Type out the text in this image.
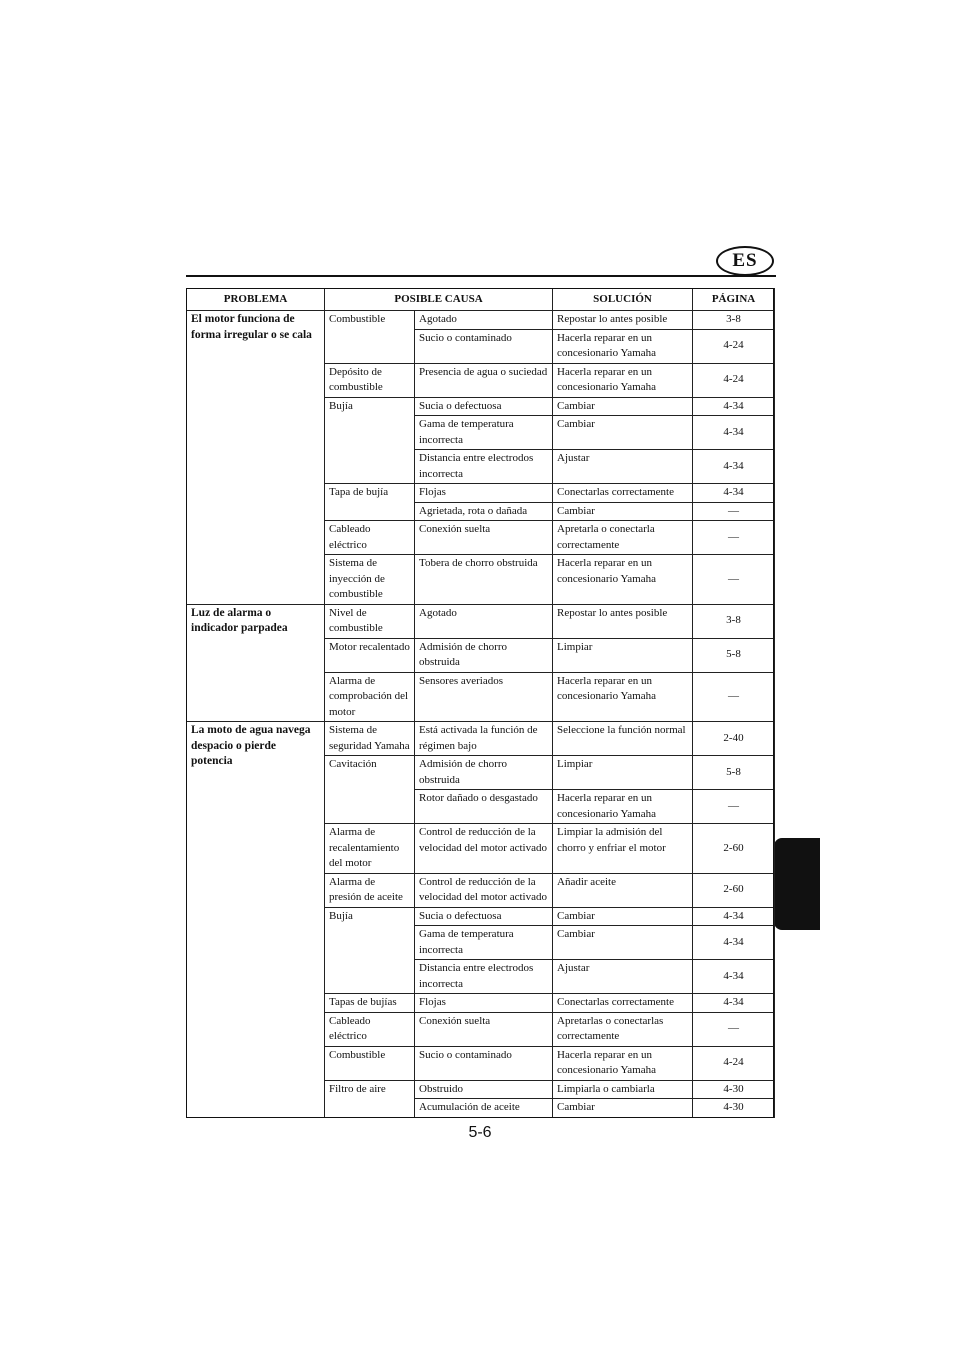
ES
PROBLEMA	POSIBLE CAUSA		SOLUCIÓN	PÁGINA
El motor funciona de forma irregular o se cala	Combustible	Agotado	Repostar lo antes posible	3-8
		Sucio o contaminado	Hacerla reparar en un concesionario Yamaha	4-24
	Depósito de combustible	Presencia de agua o suciedad	Hacerla reparar en un concesionario Yamaha	4-24
	Bujía	Sucia o defectuosa	Cambiar	4-34
		Gama de temperatura incorrecta	Cambiar	4-34
		Distancia entre electrodos incorrecta	Ajustar	4-34
	Tapa de bujía	Flojas	Conectarlas correctamente	4-34
		Agrietada, rota o dañada	Cambiar	—
	Cableado eléctrico	Conexión suelta	Apretarla o conectarla correctamente	—
	Sistema de inyección de combustible	Tobera de chorro obstruida	Hacerla reparar en un concesionario Yamaha	—
Luz de alarma o indicador parpadea	Nivel de combustible	Agotado	Repostar lo antes posible	3-8
	Motor recalentado	Admisión de chorro obstruida	Limpiar	5-8
	Alarma de comprobación del motor	Sensores averiados	Hacerla reparar en un concesionario Yamaha	—
La moto de agua navega despacio o pierde potencia	Sistema de seguridad Yamaha	Está activada la función de régimen bajo	Seleccione la función normal	2-40
	Cavitación	Admisión de chorro obstruida	Limpiar	5-8
		Rotor dañado o desgastado	Hacerla reparar en un concesionario Yamaha	—
	Alarma de recalentamiento del motor	Control de reducción de la velocidad del motor activado	Limpiar la admisión del chorro y enfriar el motor	2-60
	Alarma de presión de aceite	Control de reducción de la velocidad del motor activado	Añadir aceite	2-60
	Bujía	Sucia o defectuosa	Cambiar	4-34
		Gama de temperatura incorrecta	Cambiar	4-34
		Distancia entre electrodos incorrecta	Ajustar	4-34
	Tapas de bujías	Flojas	Conectarlas correctamente	4-34
	Cableado eléctrico	Conexión suelta	Apretarlas o conectarlas correctamente	—
	Combustible	Sucio o contaminado	Hacerla reparar en un concesionario Yamaha	4-24
	Filtro de aire	Obstruido	Limpiarla o cambiarla	4-30
		Acumulación de aceite	Cambiar	4-30
5-6
